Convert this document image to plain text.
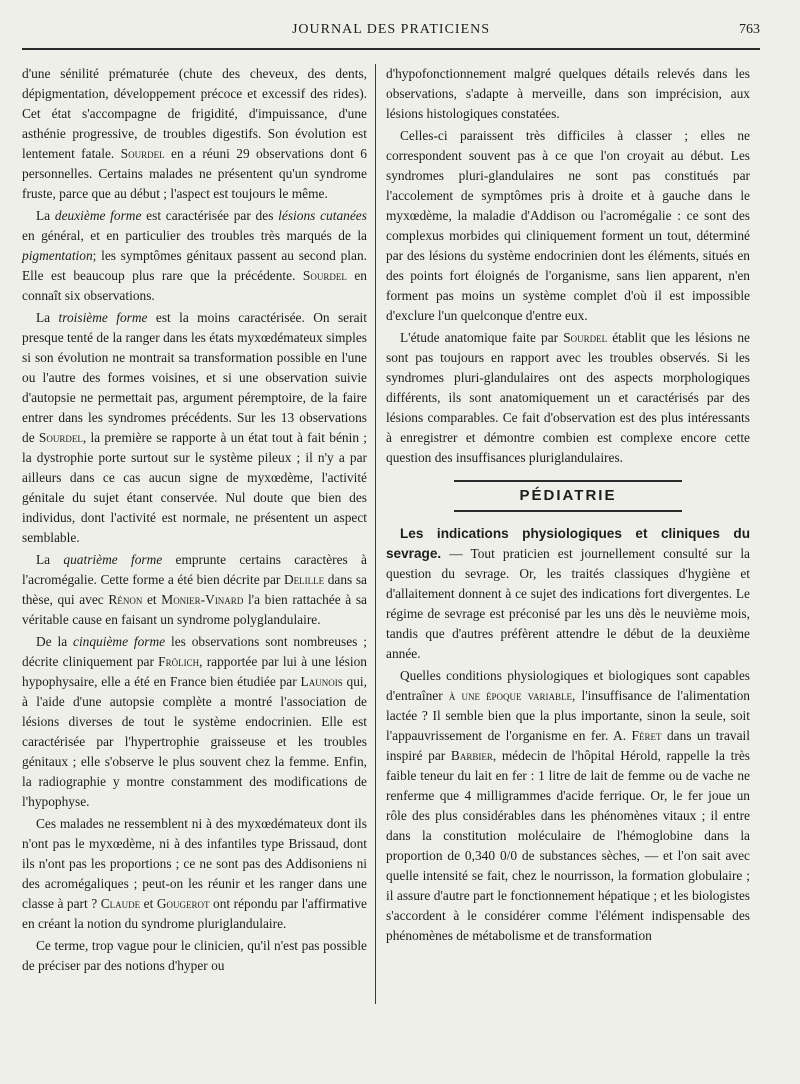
JOURNAL DES PRATICIENS	763

d'une sénilité prématurée (chute des cheveux, des dents, dépigmentation, développement précoce et excessif des rides). Cet état s'accompagne de frigidité, d'impuissance, d'une asthénie progressive, de troubles digestifs. Son évolution est lentement fatale. Sourdel en a réuni 29 observations dont 6 personnelles. Certains malades ne présentent qu'un syndrome fruste, parce que au début ; l'aspect est toujours le même.

La deuxième forme est caractérisée par des lésions cutanées en général, et en particulier des troubles très marqués de la pigmentation; les symptômes génitaux passent au second plan. Elle est beaucoup plus rare que la précédente. Sourdel en connaît six observations.

La troisième forme est la moins caractérisée. On serait presque tenté de la ranger dans les états myxœdémateux simples si son évolution ne montrait sa transformation possible en l'une ou l'autre des formes voisines, et si une observation suivie d'autopsie ne permettait pas, argument péremptoire, de la faire entrer dans les syndromes précédents. Sur les 13 observations de Sourdel, la première se rapporte à un état tout à fait bénin ; la dystrophie porte surtout sur le système pileux ; il n'y a par ailleurs dans ce cas aucun signe de myxœdème, l'activité génitale du sujet étant conservée. Nul doute que bien des individus, dont l'activité est normale, ne présentent un aspect semblable.

La quatrième forme emprunte certains caractères à l'acromégalie. Cette forme a été bien décrite par Delille dans sa thèse, qui avec Rénon et Monier-Vinard l'a bien rattachée à sa véritable cause en faisant un syndrome polyglandulaire.

De la cinquième forme les observations sont nombreuses ; décrite cliniquement par Frölich, rapportée par lui à une lésion hypophysaire, elle a été en France bien étudiée par Launois qui, à l'aide d'une autopsie complète a montré l'association de lésions diverses de tout le système endocrinien. Elle est caractérisée par l'hypertrophie graisseuse et les troubles génitaux ; elle s'observe le plus souvent chez la femme. Enfin, la radiographie y montre constamment des modifications de l'hypophyse.

Ces malades ne ressemblent ni à des myxœdémateux dont ils n'ont pas le myxœdème, ni à des infantiles type Brissaud, dont ils n'ont pas les proportions ; ce ne sont pas des Addisoniens ni des acromégaliques ; peut-on les réunir et les ranger dans une classe à part ? Claude et Gougerot ont répondu par l'affirmative en créant la notion du syndrome pluriglandulaire.

Ce terme, trop vague pour le clinicien, qu'il n'est pas possible de préciser par des notions d'hyper ou

d'hypofonctionnement malgré quelques détails relevés dans les observations, s'adapte à merveille, dans son imprécision, aux lésions histologiques constatées.

Celles-ci paraissent très difficiles à classer ; elles ne correspondent souvent pas à ce que l'on croyait au début. Les syndromes pluri-glandulaires ne sont pas constitués par l'accolement de symptômes pris à droite et à gauche dans le myxœdème, la maladie d'Addison ou l'acromégalie : ce sont des complexus morbides qui cliniquement forment un tout, déterminé par des lésions du système endocrinien dont les éléments, situés en des points fort éloignés de l'organisme, sans lien apparent, n'en forment pas moins un système complet d'où il est impossible d'exclure l'un quelconque d'entre eux.

L'étude anatomique faite par Sourdel établit que les lésions ne sont pas toujours en rapport avec les troubles observés. Si les syndromes pluri-glandulaires ont des aspects morphologiques différents, ils sont anatomiquement un et caractérisés par des lésions comparables. Ce fait d'observation est des plus intéressants à enregistrer et démontre combien est complexe encore cette question des insuffisances pluriglandulaires.

PÉDIATRIE

Les indications physiologiques et cliniques du sevrage. — Tout praticien est journellement consulté sur la question du sevrage. Or, les traités classiques d'hygiène et d'allaitement donnent à ce sujet des indications fort divergentes. Le régime de sevrage est préconisé par les uns dès le neuvième mois, tandis que d'autres préfèrent attendre le début de la deuxième année.

Quelles conditions physiologiques et biologiques sont capables d'entraîner à une époque variable, l'insuffisance de l'alimentation lactée ? Il semble bien que la plus importante, sinon la seule, soit l'appauvrissement de l'organisme en fer. A. Féret dans un travail inspiré par Barbier, médecin de l'hôpital Hérold, rappelle la très faible teneur du lait en fer : 1 litre de lait de femme ou de vache ne renferme que 4 milligrammes d'acide ferrique. Or, le fer joue un rôle des plus considérables dans les phénomènes vitaux ; il entre dans la constitution moléculaire de l'hémoglobine dans la proportion de 0,340 0/0 de substances sèches, — et l'on sait avec quelle intensité se fait, chez le nourrisson, la formation globulaire ; il assure d'autre part le fonctionnement hépatique ; et les biologistes s'accordent à le considérer comme l'élément indispensable des phénomènes de métabolisme et de transformation
